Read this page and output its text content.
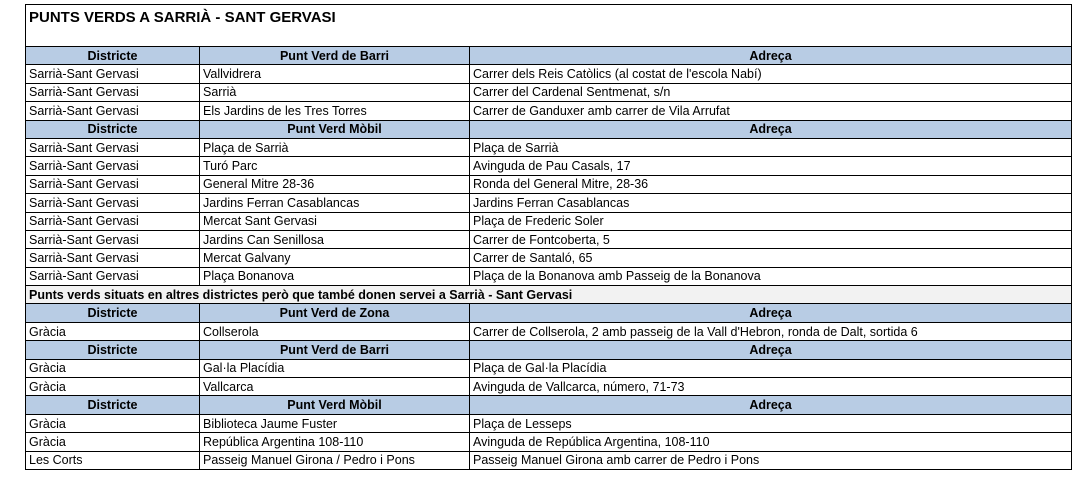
PUNTS VERDS A SARRIÀ - SANT GERVASI		
Districte	Punt Verd de Barri	Adreça
Sarrià-Sant Gervasi	Vallvidrera	Carrer dels Reis Catòlics (al costat de l'escola Nabí)
Sarrià-Sant Gervasi	Sarrià	Carrer del Cardenal Sentmenat, s/n
Sarrià-Sant Gervasi	Els Jardins de les Tres Torres	Carrer de Ganduxer amb carrer de Vila Arrufat
Districte	Punt Verd Mòbil	Adreça
Sarrià-Sant Gervasi	Plaça de Sarrià	Plaça de Sarrià
Sarrià-Sant Gervasi	Turó Parc	Avinguda de Pau Casals, 17
Sarrià-Sant Gervasi	General Mitre 28-36	Ronda del General Mitre, 28-36
Sarrià-Sant Gervasi	Jardins Ferran Casablancas	Jardins Ferran Casablancas
Sarrià-Sant Gervasi	Mercat Sant Gervasi	Plaça de Frederic Soler
Sarrià-Sant Gervasi	Jardins Can Senillosa	Carrer de Fontcoberta, 5
Sarrià-Sant Gervasi	Mercat Galvany	Carrer de Santaló, 65
Sarrià-Sant Gervasi	Plaça Bonanova	Plaça de la Bonanova amb Passeig de la Bonanova
Punts verds situats en altres districtes però que també donen servei a Sarrià - Sant Gervasi		
Districte	Punt Verd de Zona	Adreça
Gràcia	Collserola	Carrer de Collserola, 2 amb passeig de la Vall d'Hebron, ronda de Dalt, sortida 6
Districte	Punt Verd de Barri	Adreça
Gràcia	Gal·la Placídia	Plaça de Gal·la Placídia
Gràcia	Vallcarca	Avinguda de Vallcarca, número, 71-73
Districte	Punt Verd Mòbil	Adreça
Gràcia	Biblioteca Jaume Fuster	Plaça de Lesseps
Gràcia	República Argentina 108-110	Avinguda de República Argentina, 108-110
Les Corts	Passeig Manuel Girona / Pedro i Pons	Passeig Manuel Girona amb carrer de Pedro i Pons
